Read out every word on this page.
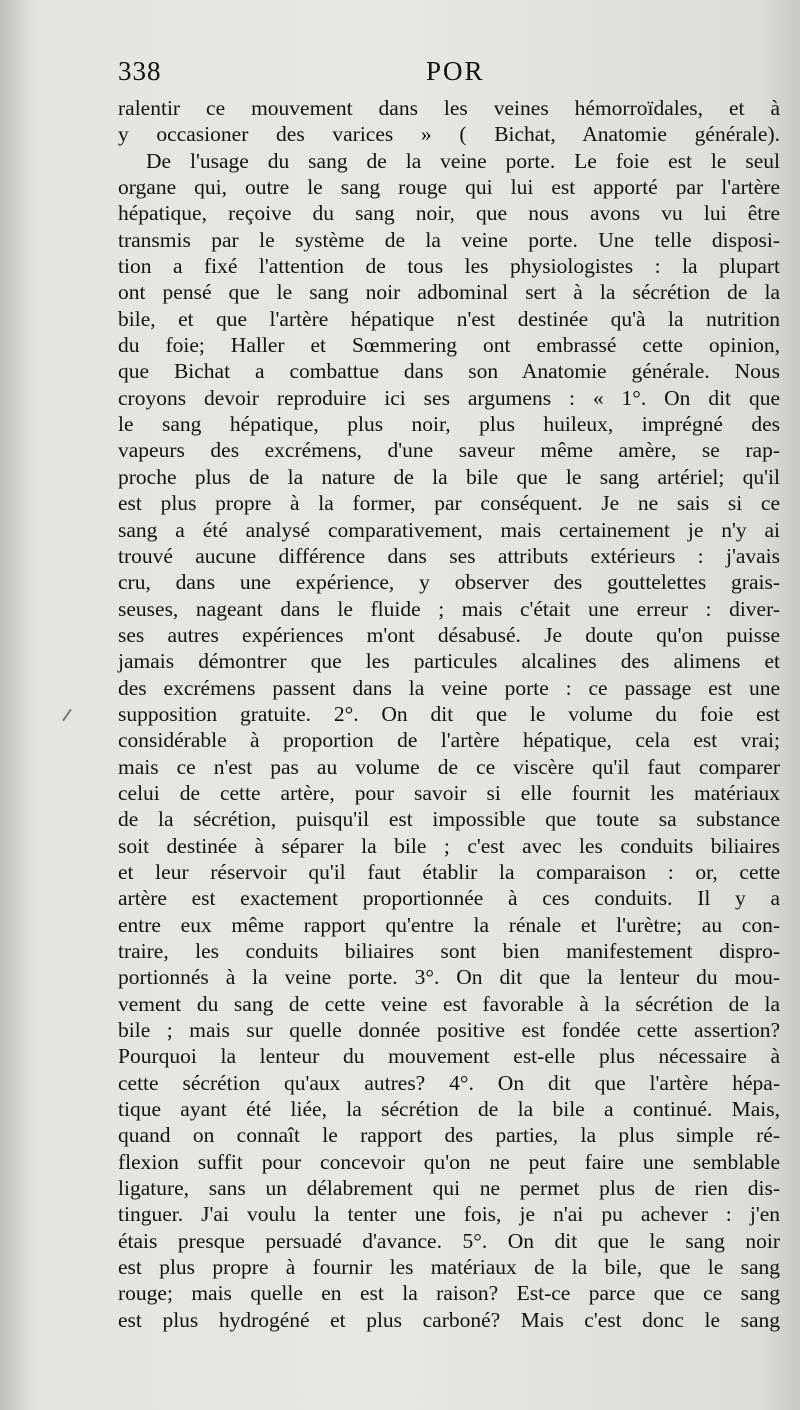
338	POR
ralentir ce mouvement dans les veines hémorroïdales, et à
y occasioner des varices » ( Bichat, Anatomie générale).
De l'usage du sang de la veine porte. Le foie est le seul
organe qui, outre le sang rouge qui lui est apporté par l'artère
hépatique, reçoive du sang noir, que nous avons vu lui être
transmis par le système de la veine porte. Une telle disposi-
tion a fixé l'attention de tous les physiologistes : la plupart
ont pensé que le sang noir adbominal sert à la sécrétion de la
bile, et que l'artère hépatique n'est destinée qu'à la nutrition
du foie; Haller et Sœmmering ont embrassé cette opinion,
que Bichat a combattue dans son Anatomie générale. Nous
croyons devoir reproduire ici ses argumens : « 1°. On dit que
le sang hépatique, plus noir, plus huileux, imprégné des
vapeurs des excrémens, d'une saveur même amère, se rap-
proche plus de la nature de la bile que le sang artériel; qu'il
est plus propre à la former, par conséquent. Je ne sais si ce
sang a été analysé comparativement, mais certainement je n'y ai
trouvé aucune différence dans ses attributs extérieurs : j'avais
cru, dans une expérience, y observer des gouttelettes grais-
seuses, nageant dans le fluide ; mais c'était une erreur : diver-
ses autres expériences m'ont désabusé. Je doute qu'on puisse
jamais démontrer que les particules alcalines des alimens et
des excrémens passent dans la veine porte : ce passage est une
supposition gratuite. 2°. On dit que le volume du foie est
considérable à proportion de l'artère hépatique, cela est vrai;
mais ce n'est pas au volume de ce viscère qu'il faut comparer
celui de cette artère, pour savoir si elle fournit les matériaux
de la sécrétion, puisqu'il est impossible que toute sa substance
soit destinée à séparer la bile ; c'est avec les conduits biliaires
et leur réservoir qu'il faut établir la comparaison : or, cette
artère est exactement proportionnée à ces conduits. Il y a
entre eux même rapport qu'entre la rénale et l'urètre; au con-
traire, les conduits biliaires sont bien manifestement dispro-
portionnés à la veine porte. 3°. On dit que la lenteur du mou-
vement du sang de cette veine est favorable à la sécrétion de la
bile ; mais sur quelle donnée positive est fondée cette assertion?
Pourquoi la lenteur du mouvement est-elle plus nécessaire à
cette sécrétion qu'aux autres? 4°. On dit que l'artère hépa-
tique ayant été liée, la sécrétion de la bile a continué. Mais,
quand on connaît le rapport des parties, la plus simple ré-
flexion suffit pour concevoir qu'on ne peut faire une semblable
ligature, sans un délabrement qui ne permet plus de rien dis-
tinguer. J'ai voulu la tenter une fois, je n'ai pu achever : j'en
étais presque persuadé d'avance. 5°. On dit que le sang noir
est plus propre à fournir les matériaux de la bile, que le sang
rouge; mais quelle en est la raison? Est-ce parce que ce sang
est plus hydrogéné et plus carboné? Mais c'est donc le sang
